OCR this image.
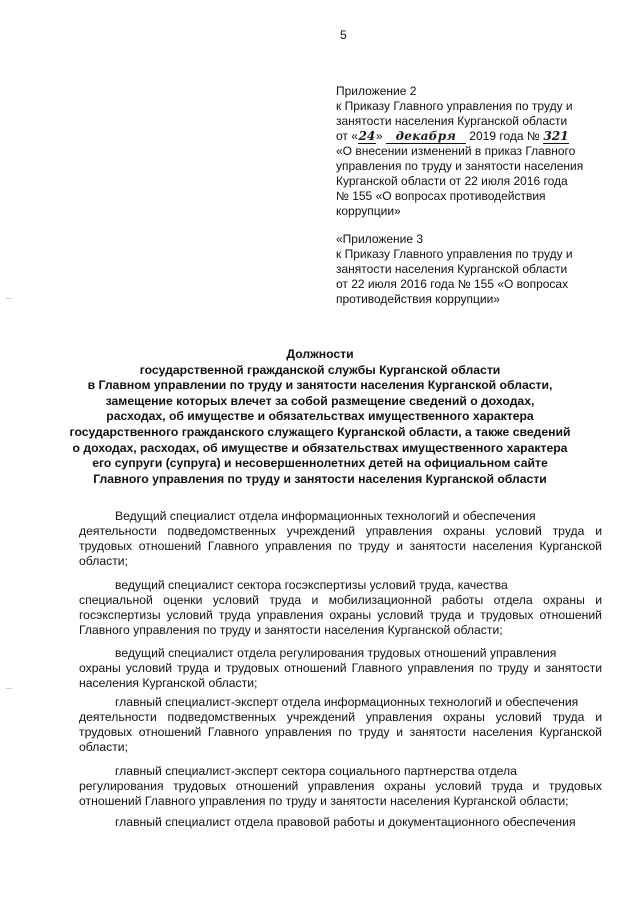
5
Приложение 2
к Приказу Главного управления по труду и
занятости населения Курганской области
от «24» декабря 2019 года № 321
«О внесении изменений в приказ Главного
управления по труду и занятости населения
Курганской области от 22 июля 2016 года
№ 155 «О вопросах противодействия
коррупции»
«Приложение 3
к Приказу Главного управления по труду и
занятости населения Курганской области
от 22 июля 2016 года № 155 «О вопросах
противодействия коррупции»
Должности
государственной гражданской службы Курганской области
в Главном управлении по труду и занятости населения Курганской области,
замещение которых влечет за собой размещение сведений о доходах,
расходах, об имуществе и обязательствах имущественного характера
государственного гражданского служащего Курганской области, а также сведений
о доходах, расходах, об имуществе и обязательствах имущественного характера
его супруги (супруга) и несовершеннолетних детей на официальном сайте
Главного управления по труду и занятости населения Курганской области
Ведущий специалист отдела информационных технологий и обеспечения
деятельности подведомственных учреждений управления охраны условий труда и трудовых отношений Главного управления по труду и занятости населения Курганской области;
ведущий специалист сектора госэкспертизы условий труда, качества
специальной оценки условий труда и мобилизационной работы отдела охраны и госэкспертизы условий труда управления охраны условий труда и трудовых отношений Главного управления по труду и занятости населения Курганской области;
ведущий специалист отдела регулирования трудовых отношений управления
охраны условий труда и трудовых отношений Главного управления по труду и занятости населения Курганской области;
главный специалист-эксперт отдела информационных технологий и обеспечения
деятельности подведомственных учреждений управления охраны условий труда и трудовых отношений Главного управления по труду и занятости населения Курганской области;
главный специалист-эксперт сектора социального партнерства отдела
регулирования трудовых отношений управления охраны условий труда и трудовых отношений Главного управления по труду и занятости населения Курганской области;
главный специалист отдела правовой работы и документационного обеспечения
